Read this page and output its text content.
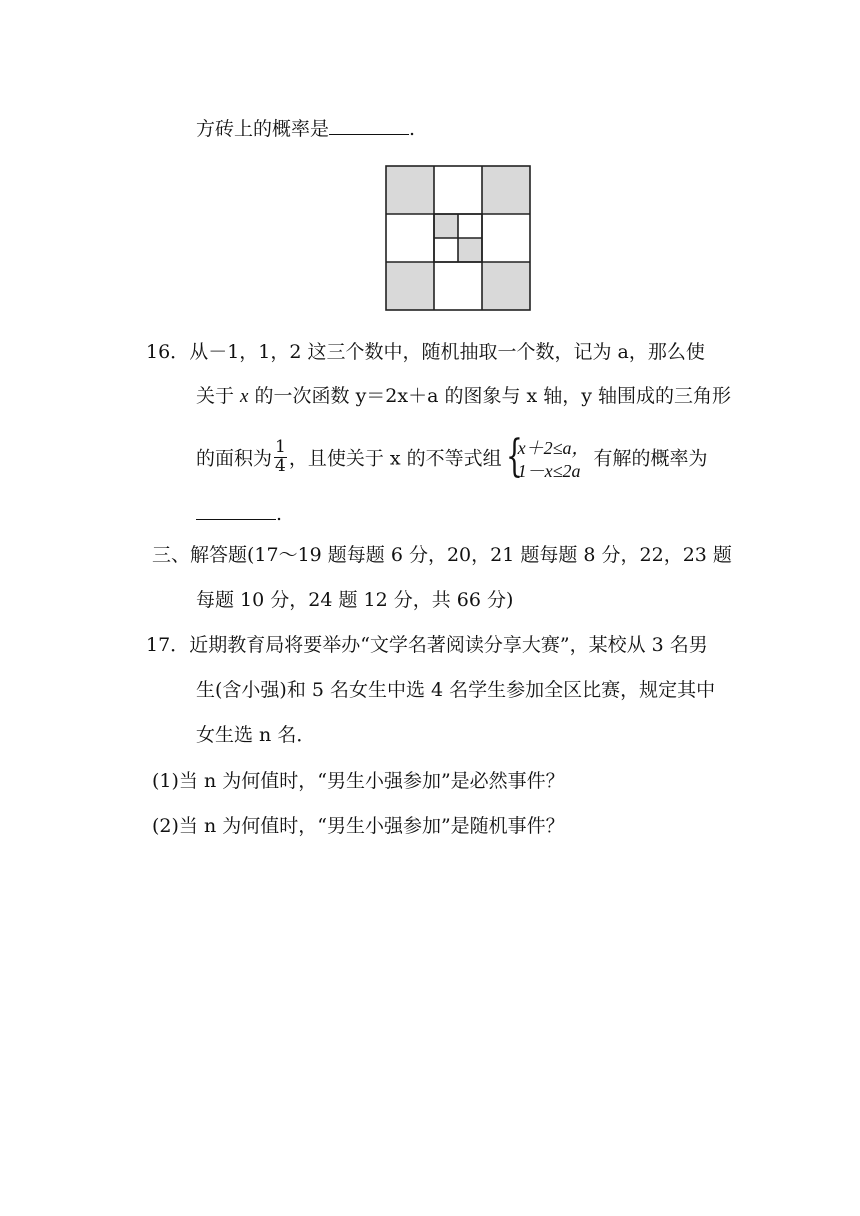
方砖上的概率是	.
16．从－1，1，2 这三个数中，随机抽取一个数，记为 a，那么使
关于 x 的一次函数 y＝2x＋a 的图象与 x 轴，y 轴围成的三角形
的面积为 $\frac{1}{4}$ ，且使关于 x 的不等式组 {
x＋2≤a，
1－x≤2a
有解的概率为
.
三、解答题(17～19 题每题 6 分，20，21 题每题 8 分，22，23 题
每题 10 分，24 题 12 分，共 66 分)
17．近期教育局将要举办“文学名著阅读分享大赛”，某校从 3 名男
生(含小强)和 5 名女生中选 4 名学生参加全区比赛，规定其中
女生选 n 名．
(1)当 n 为何值时，“男生小强参加”是必然事件？
(2)当 n 为何值时，“男生小强参加”是随机事件？
